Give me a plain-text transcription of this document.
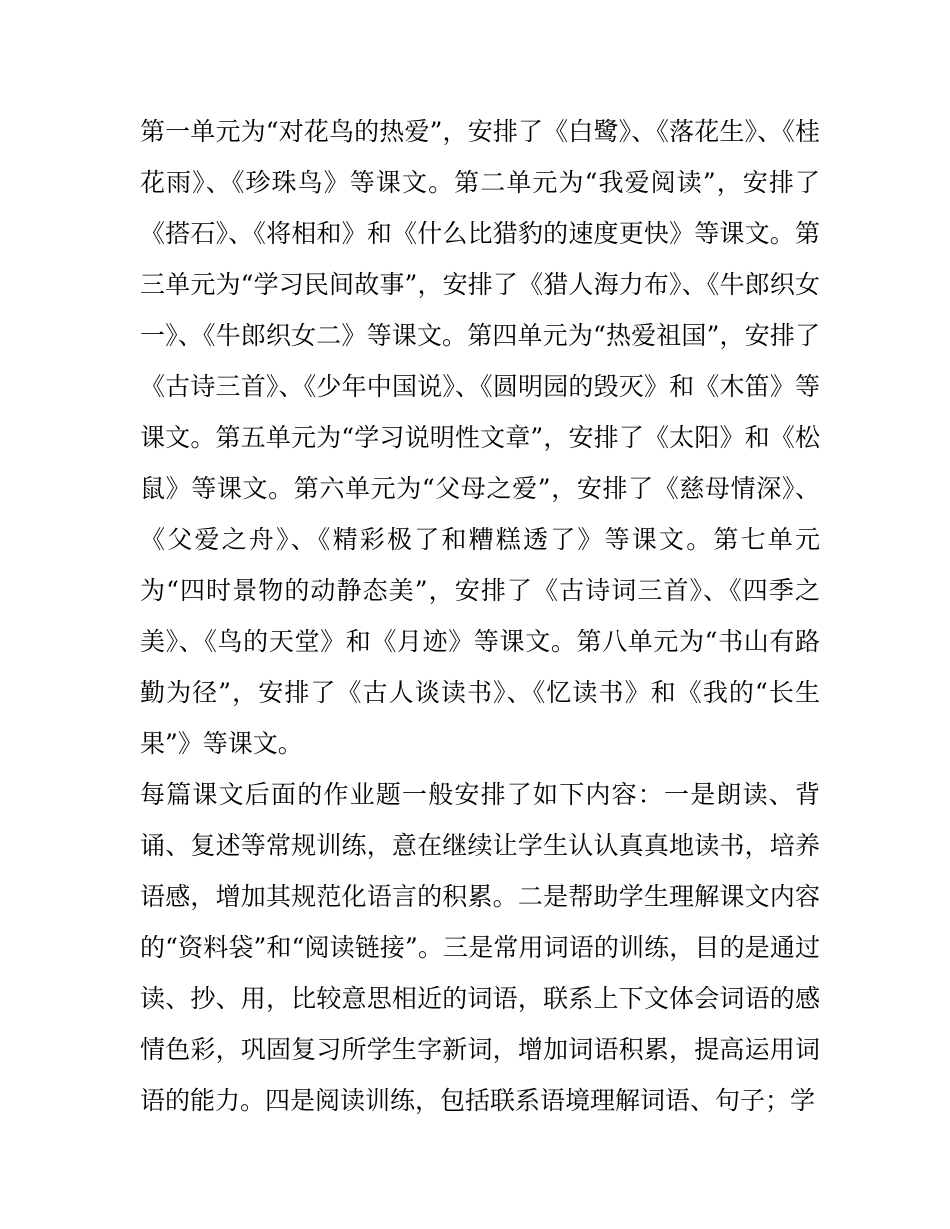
第一单元为“对花鸟的热爱”，安排了《白鹭》、《落花生》、《桂花雨》、《珍珠鸟》等课文。第二单元为“我爱阅读”，安排了《搭石》、《将相和》和《什么比猎豹的速度更快》等课文。第三单元为“学习民间故事”，安排了《猎人海力布》、《牛郎织女一》、《牛郎织女二》等课文。第四单元为“热爱祖国”，安排了《古诗三首》、《少年中国说》、《圆明园的毁灭》和《木笛》等课文。第五单元为“学习说明性文章”，安排了《太阳》和《松鼠》等课文。第六单元为“父母之爱”，安排了《慈母情深》、《父爱之舟》、《精彩极了和糟糕透了》等课文。第七单元为“四时景物的动静态美”，安排了《古诗词三首》、《四季之美》、《鸟的天堂》和《月迹》等课文。第八单元为“书山有路勤为径”，安排了《古人谈读书》、《忆读书》和《我的“长生果”》等课文。

每篇课文后面的作业题一般安排了如下内容：一是朗读、背诵、复述等常规训练，意在继续让学生认认真真地读书，培养语感，增加其规范化语言的积累。二是帮助学生理解课文内容的“资料袋”和“阅读链接”。三是常用词语的训练，目的是通过读、抄、用，比较意思相近的词语，联系上下文体会词语的感情色彩，巩固复习所学生字新词，增加词语积累，提高运用词语的能力。四是阅读训练，包括联系语境理解词语、句子；学
